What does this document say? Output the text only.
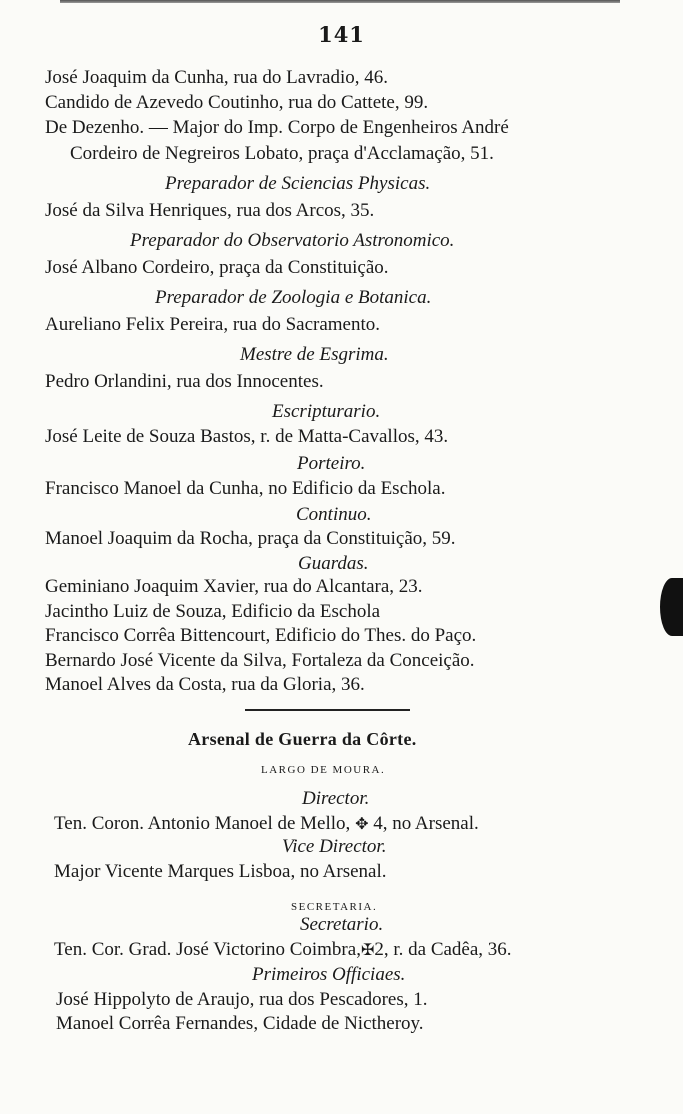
141
José Joaquim da Cunha, rua do Lavradio, 46.
Candido de Azevedo Coutinho, rua do Cattete, 99.
De Dezenho. — Major do Imp. Corpo de Engenheiros André
Cordeiro de Negreiros Lobato, praça d'Acclamação, 51.
Preparador de Sciencias Physicas.
José da Silva Henriques, rua dos Arcos, 35.
Preparador do Observatorio Astronomico.
José Albano Cordeiro, praça da Constituição.
Preparador de Zoologia e Botanica.
Aureliano Felix Pereira, rua do Sacramento.
Mestre de Esgrima.
Pedro Orlandini, rua dos Innocentes.
Escripturario.
José Leite de Souza Bastos, r. de Matta-Cavallos, 43.
Porteiro.
Francisco Manoel da Cunha, no Edificio da Eschola.
Continuo.
Manoel Joaquim da Rocha, praça da Constituição, 59.
Guardas.
Geminiano Joaquim Xavier, rua do Alcantara, 23.
Jacintho Luiz de Souza, Edificio da Eschola
Francisco Corrêa Bittencourt, Edificio do Thes. do Paço.
Bernardo José Vicente da Silva, Fortaleza da Conceição.
Manoel Alves da Costa, rua da Gloria, 36.
Arsenal de Guerra da Côrte.
LARGO DE MOURA.
Director.
Ten. Coron. Antonio Manoel de Mello, ✥ 4, no Arsenal.
Vice Director.
Major Vicente Marques Lisboa, no Arsenal.
SECRETARIA.
Secretario.
Ten. Cor. Grad. José Victorino Coimbra,✠2, r. da Cadêa, 36.
Primeiros Officiaes.
José Hippolyto de Araujo, rua dos Pescadores, 1.
Manoel Corrêa Fernandes, Cidade de Nictheroy.
